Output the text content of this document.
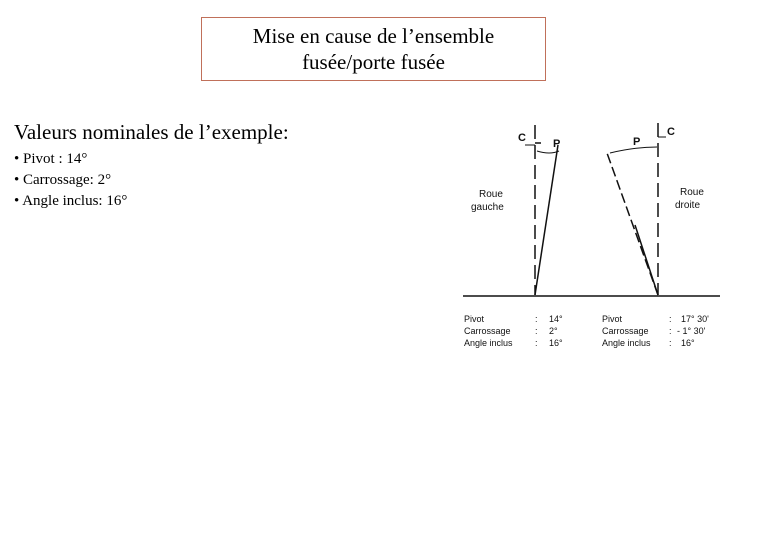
Mise en cause de l’ensemble
fusée/porte fusée
Valeurs nominales de l’exemple:
• Pivot : 14°
• Carrossage: 2°
• Angle inclus: 16°
C P
Roue
gauche
C
P
Roue
droite
Pivot	: 14°
Carrossage	: 2°
Angle inclus : 16°
Pivot	: 17° 30'
Carrossage : - 1° 30'
Angle inclus : 16°
